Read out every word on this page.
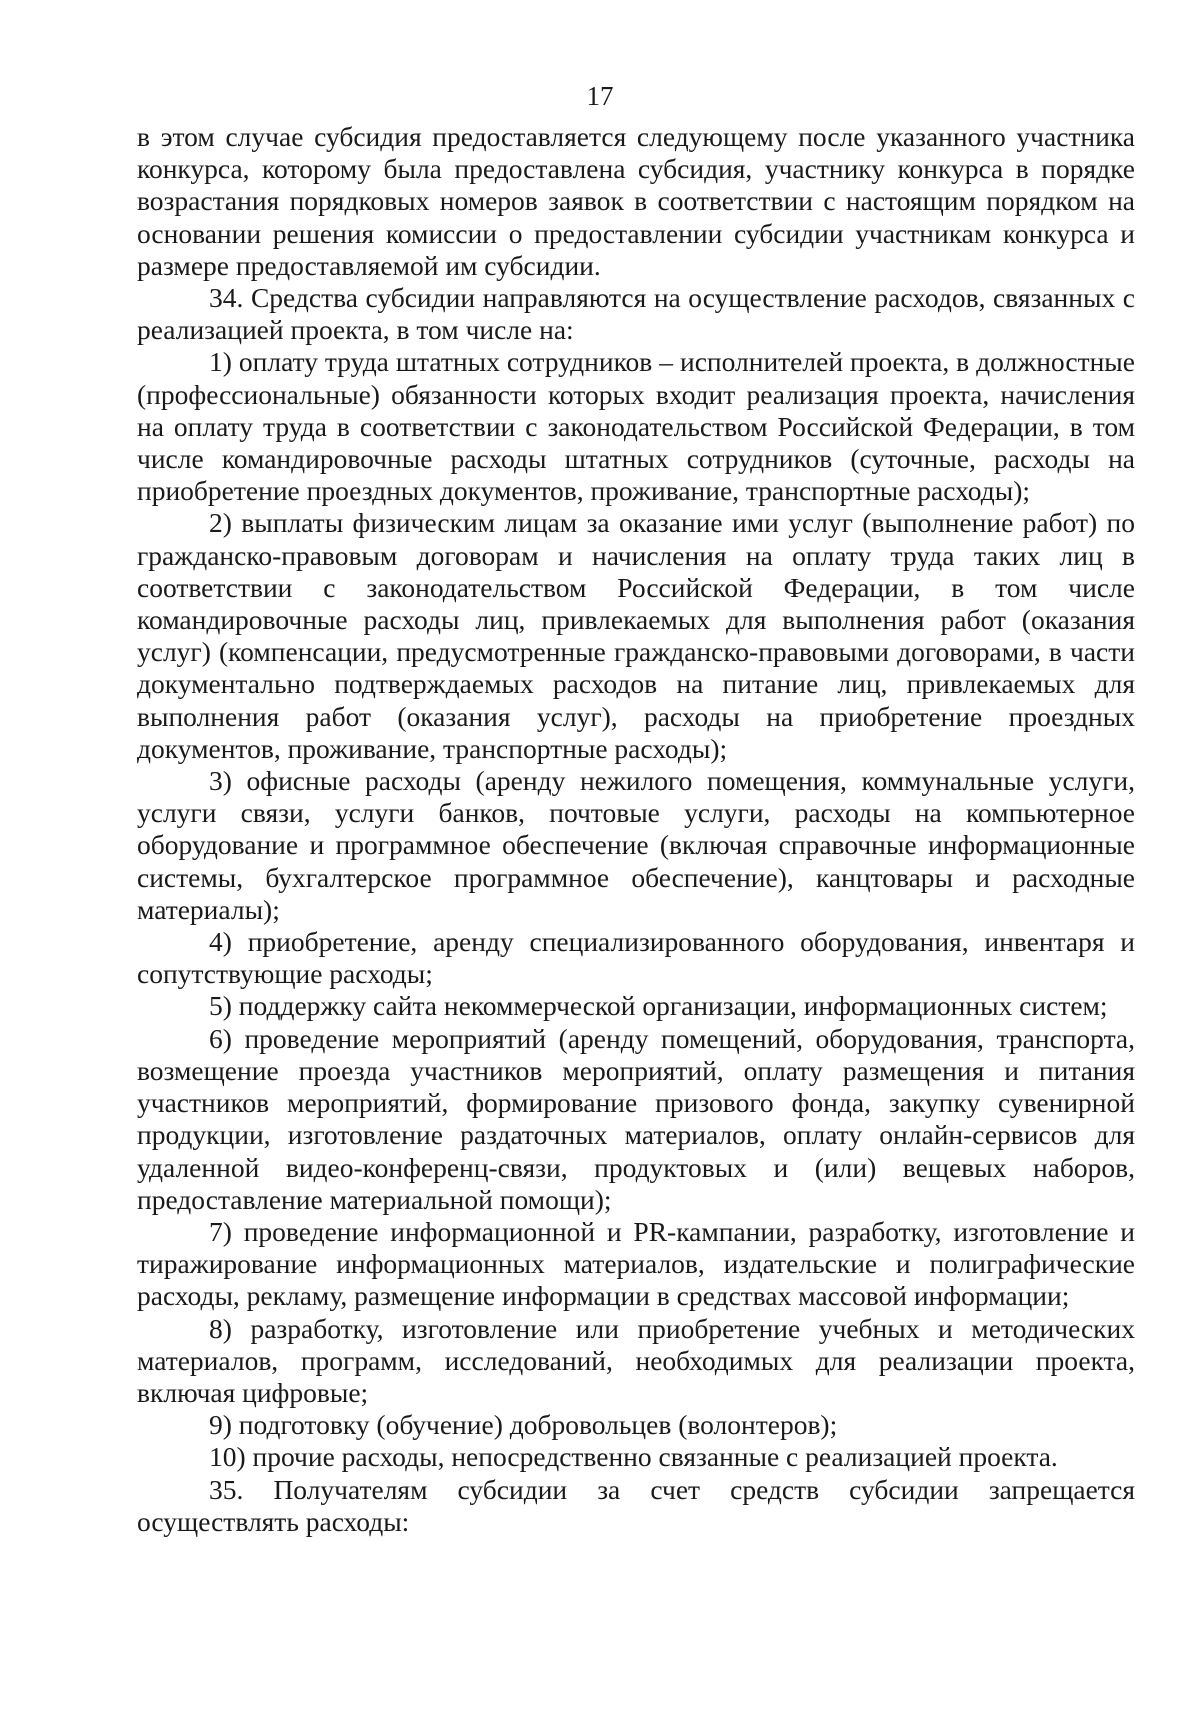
17

в этом случае субсидия предоставляется следующему после указанного участника конкурса, которому была предоставлена субсидия, участнику конкурса в порядке возрастания порядковых номеров заявок в соответствии с настоящим порядком на основании решения комиссии о предоставлении субсидии участникам конкурса и размере предоставляемой им субсидии.

34. Средства субсидии направляются на осуществление расходов, связанных с реализацией проекта, в том числе на:

1) оплату труда штатных сотрудников – исполнителей проекта, в должностные (профессиональные) обязанности которых входит реализация проекта, начисления на оплату труда в соответствии с законодательством Российской Федерации, в том числе командировочные расходы штатных сотрудников (суточные, расходы на приобретение проездных документов, проживание, транспортные расходы);

2) выплаты физическим лицам за оказание ими услуг (выполнение работ) по гражданско-правовым договорам и начисления на оплату труда таких лиц в соответствии с законодательством Российской Федерации, в том числе командировочные расходы лиц, привлекаемых для выполнения работ (оказания услуг) (компенсации, предусмотренные гражданско-правовыми договорами, в части документально подтверждаемых расходов на питание лиц, привлекаемых для выполнения работ (оказания услуг), расходы на приобретение проездных документов, проживание, транспортные расходы);

3) офисные расходы (аренду нежилого помещения, коммунальные услуги, услуги связи, услуги банков, почтовые услуги, расходы на компьютерное оборудование и программное обеспечение (включая справочные информационные системы, бухгалтерское программное обеспечение), канцтовары и расходные материалы);

4) приобретение, аренду специализированного оборудования, инвентаря и сопутствующие расходы;

5) поддержку сайта некоммерческой организации, информационных систем;

6) проведение мероприятий (аренду помещений, оборудования, транспорта, возмещение проезда участников мероприятий, оплату размещения и питания участников мероприятий, формирование призового фонда, закупку сувенирной продукции, изготовление раздаточных материалов, оплату онлайн-сервисов для удаленной видео-конференц-связи, продуктовых и (или) вещевых наборов, предоставление материальной помощи);

7) проведение информационной и PR-кампании, разработку, изготовление и тиражирование информационных материалов, издательские и полиграфические расходы, рекламу, размещение информации в средствах массовой информации;

8) разработку, изготовление или приобретение учебных и методических материалов, программ, исследований, необходимых для реализации проекта, включая цифровые;

9) подготовку (обучение) добровольцев (волонтеров);

10) прочие расходы, непосредственно связанные с реализацией проекта.

35. Получателям субсидии за счет средств субсидии запрещается осуществлять расходы:
